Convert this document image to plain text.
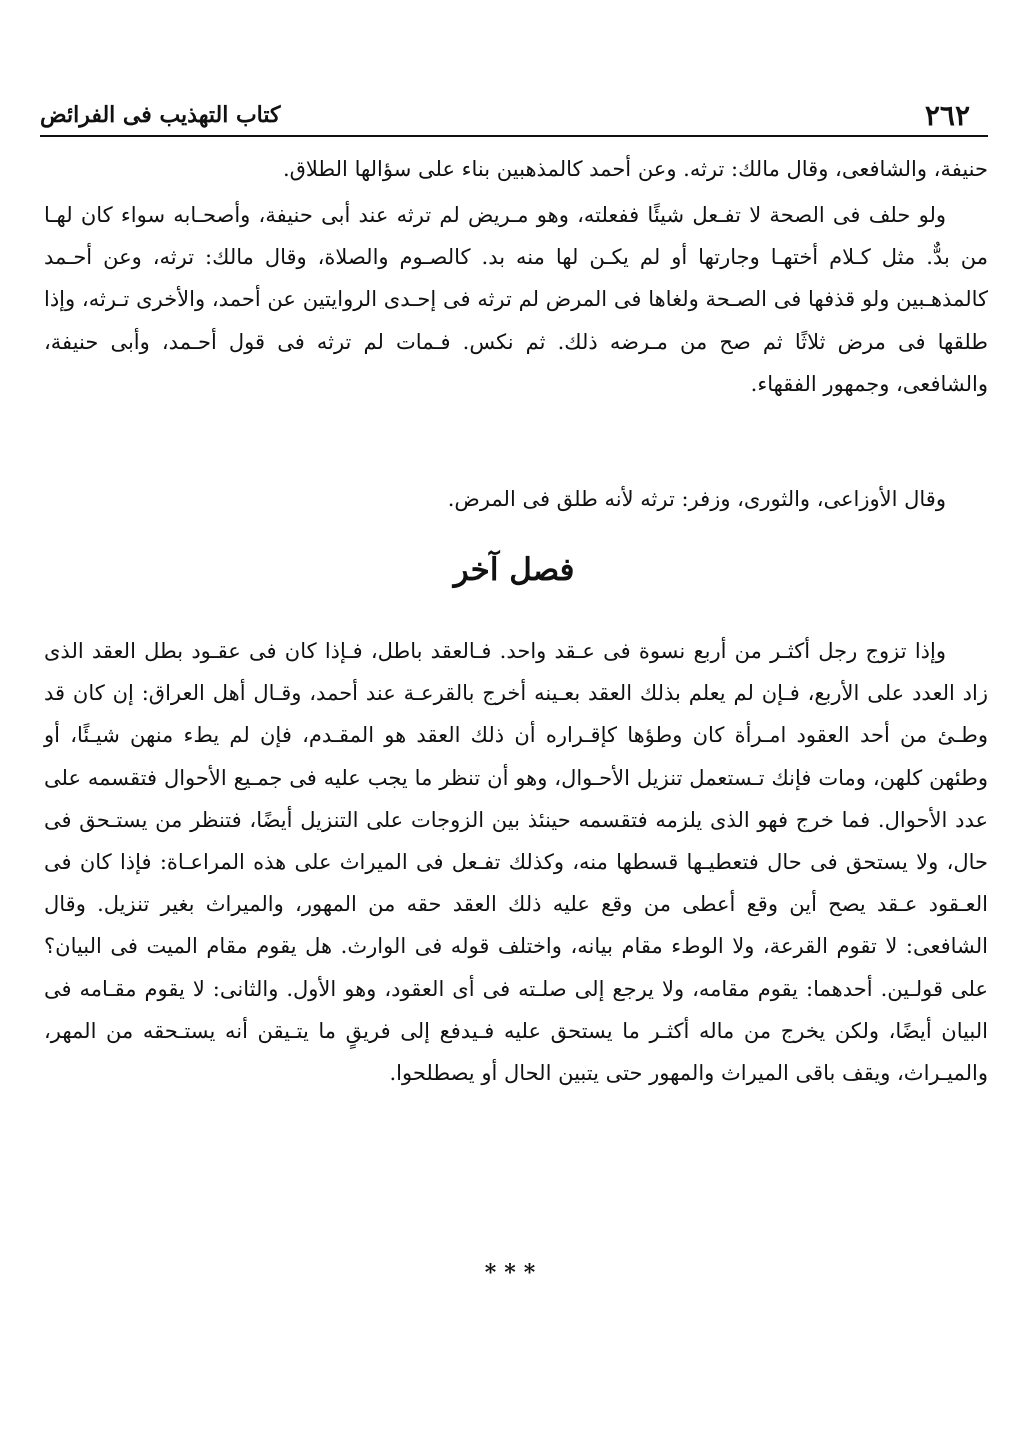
كتاب التهذيب فى الفرائض	٢٦٢

حنيفة، والشافعى، وقال مالك: ترثه. وعن أحمد كالمذهبين بناء على سؤالها الطلاق.

ولو حلف فى الصحة لا تفـعل شيئًا ففعلته، وهو مـريض لم ترثه عند أبى حنيفة، وأصحـابه سواء كان لهـا من بدٌّ. مثل كـلام أختهـا وجارتها أو لم يكـن لها منه بد. كالصـوم والصلاة، وقال مالك: ترثه، وعن أحـمد كالمذهـبين ولو قذفها فى الصـحة ولغاها فى المرض لم ترثه فى إحـدى الروايتين عن أحمد، والأخرى تـرثه، وإذا طلقها فى مرض ثلاثًا ثم صح من مـرضه ذلك. ثم نكس. فـمات لم ترثه فى قول أحـمد، وأبى حنيفة، والشافعى، وجمهور الفقهاء.

وقال الأوزاعى، والثورى، وزفر: ترثه لأنه طلق فى المرض.

فصل آخر

وإذا تزوج رجل أكثـر من أربع نسوة فى عـقد واحد. فـالعقد باطل، فـإذا كان فى عقـود بطل العقد الذى زاد العدد على الأربع، فـإن لم يعلم بذلك العقد بعـينه أخرج بالقرعـة عند أحمد، وقـال أهل العراق: إن كان قد وطـئ من أحد العقود امـرأة كان وطؤها كإقـراره أن ذلك العقد هو المقـدم، فإن لم يطء منهن شيـئًا، أو وطئهن كلهن، ومات فإنك تـستعمل تنزيل الأحـوال، وهو أن تنظر ما يجب عليه فى جمـيع الأحوال فتقسمه على عدد الأحوال. فما خرج فهو الذى يلزمه فتقسمه حينئذ بين الزوجات على التنزيل أيضًا، فتنظر من يستـحق فى حال، ولا يستحق فى حال فتعطيـها قسطها منه، وكذلك تفـعل فى الميراث على هذه المراعـاة: فإذا كان فى العـقود عـقد يصح أين وقع أعطى من وقع عليه ذلك العقد حقه من المهور، والميراث بغير تنزيل. وقال الشافعى: لا تقوم القرعة، ولا الوطء مقام بيانه، واختلف قوله فى الوارث. هل يقوم مقام الميت فى البيان؟ على قولـين. أحدهما: يقوم مقامه، ولا يرجع إلى صلـته فى أى العقود، وهو الأول. والثانى: لا يقوم مقـامه فى البيان أيضًا، ولكن يخرج من ماله أكثـر ما يستحق عليه فـيدفع إلى فريقٍ ما يتـيقن أنه يستـحقه من المهر، والميـراث، ويقف باقى الميراث والمهور حتى يتبين الحال أو يصطلحوا.

***
